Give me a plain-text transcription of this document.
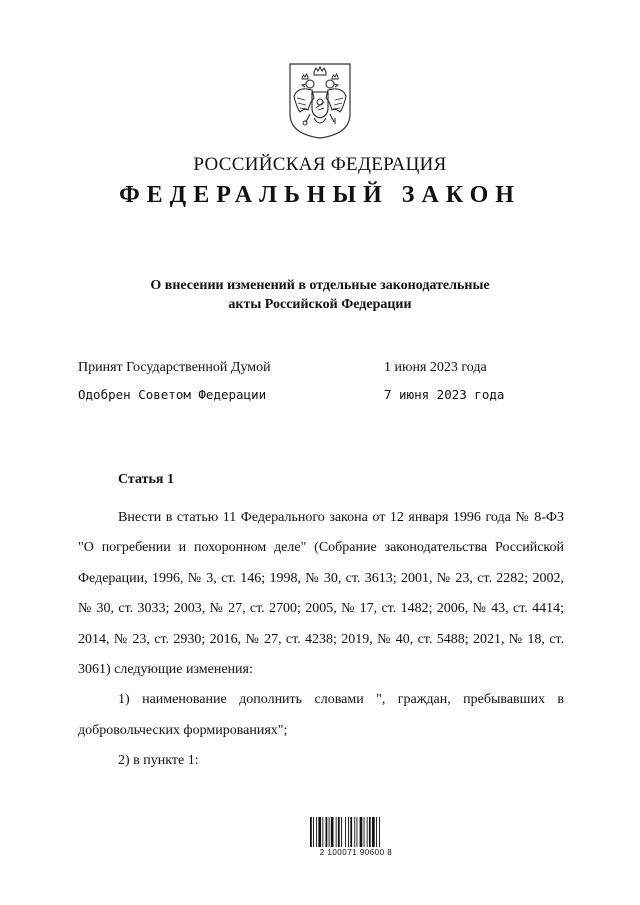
РОССИЙСКАЯ ФЕДЕРАЦИЯ
ФЕДЕРАЛЬНЫЙ ЗАКОН
О внесении изменений в отдельные законодательные
акты Российской Федерации
Принят Государственной Думой	1 июня 2023 года
Одобрен Советом Федерации	7 июня 2023 года
Статья 1

Внести в статью 11 Федерального закона от 12 января 1996 года № 8-ФЗ "О погребении и похоронном деле" (Собрание законодательства Российской Федерации, 1996, № 3, ст. 146; 1998, № 30, ст. 3613; 2001, № 23, ст. 2282; 2002, № 30, ст. 3033; 2003, № 27, ст. 2700; 2005, № 17, ст. 1482; 2006, № 43, ст. 4414; 2014, № 23, ст. 2930; 2016, № 27, ст. 4238; 2019, № 40, ст. 5488; 2021, № 18, ст. 3061) следующие изменения:

1) наименование дополнить словами ", граждан, пребывавших в добровольческих формированиях";

2) в пункте 1:

2 100071 90600 8
